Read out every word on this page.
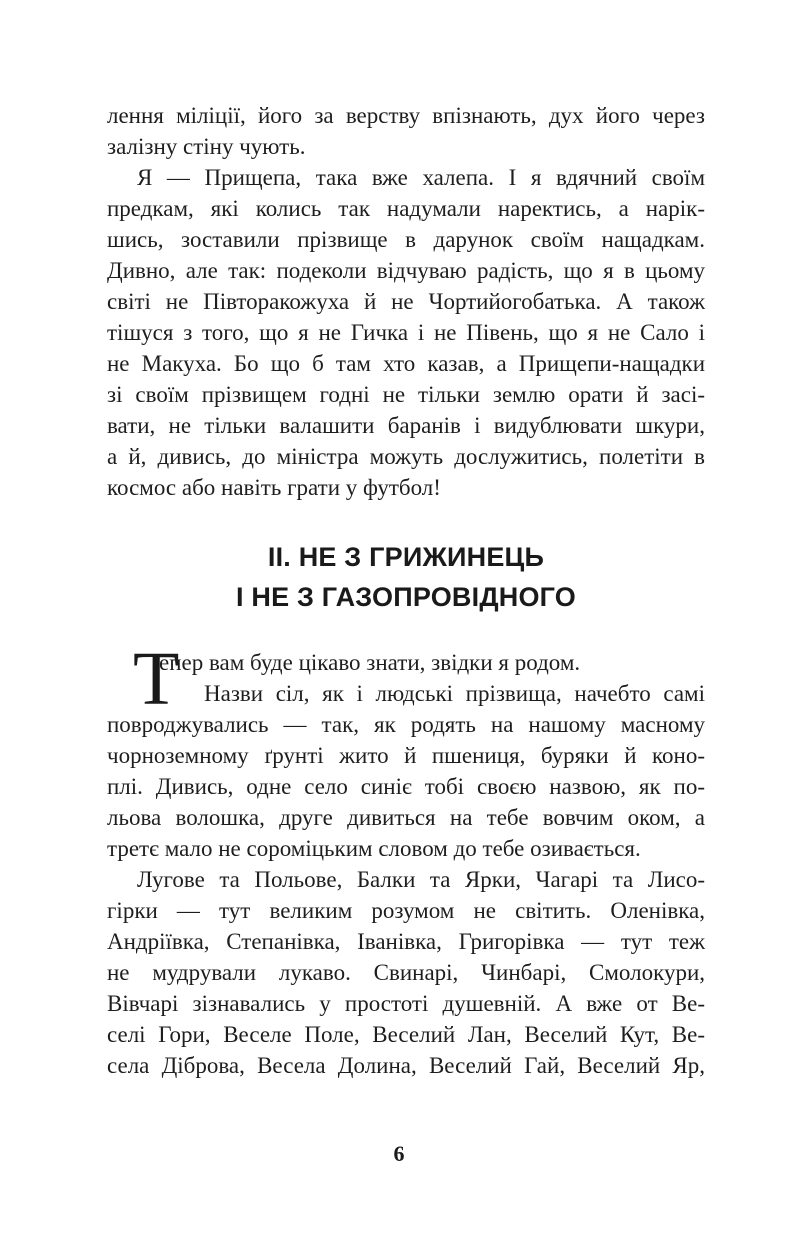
лення міліції, його за верству впізнають, дух його через
залізну стіну чують.
Я — Прищепа, така вже халепа. І я вдячний своїм
предкам, які колись так надумали наректись, а нарік-
шись, зоставили прізвище в дарунок своїм нащадкам.
Дивно, але так: подеколи відчуваю радість, що я в цьому
світі не Півторакожуха й не Чортийогобатька. А також
тішуся з того, що я не Гичка і не Півень, що я не Сало і
не Макуха. Бо що б там хто казав, а Прищепи-нащадки
зі своїм прізвищем годні не тільки землю орати й засі-
вати, не тільки валашити баранів і видублювати шкури,
а й, дивись, до міністра можуть дослужитись, полетіти в
космос або навіть грати у футбол!
II. НЕ З ГРИЖИНЕЦЬ
І НЕ З ГАЗОПРОВІДНОГО
Т
епер вам буде цікаво знати, звідки я родом.
Назви сіл, як і людські прізвища, начебто самі
повроджувались — так, як родять на нашому масному
чорноземному ґрунті жито й пшениця, буряки й коно-
плі. Дивись, одне село синіє тобі своєю назвою, як по-
льова волошка, друге дивиться на тебе вовчим оком, а
третє мало не сороміцьким словом до тебе озивається.
Лугове та Польове, Балки та Ярки, Чагарі та Лисо-
гірки — тут великим розумом не світить. Оленівка,
Андріївка, Степанівка, Іванівка, Григорівка — тут теж
не мудрували лукаво. Свинарі, Чинбарі, Смолокури,
Вівчарі зізнавались у простоті душевній. А вже от Ве-
селі Гори, Веселе Поле, Веселий Лан, Веселий Кут, Ве-
села Діброва, Весела Долина, Веселий Гай, Веселий Яр,
6
